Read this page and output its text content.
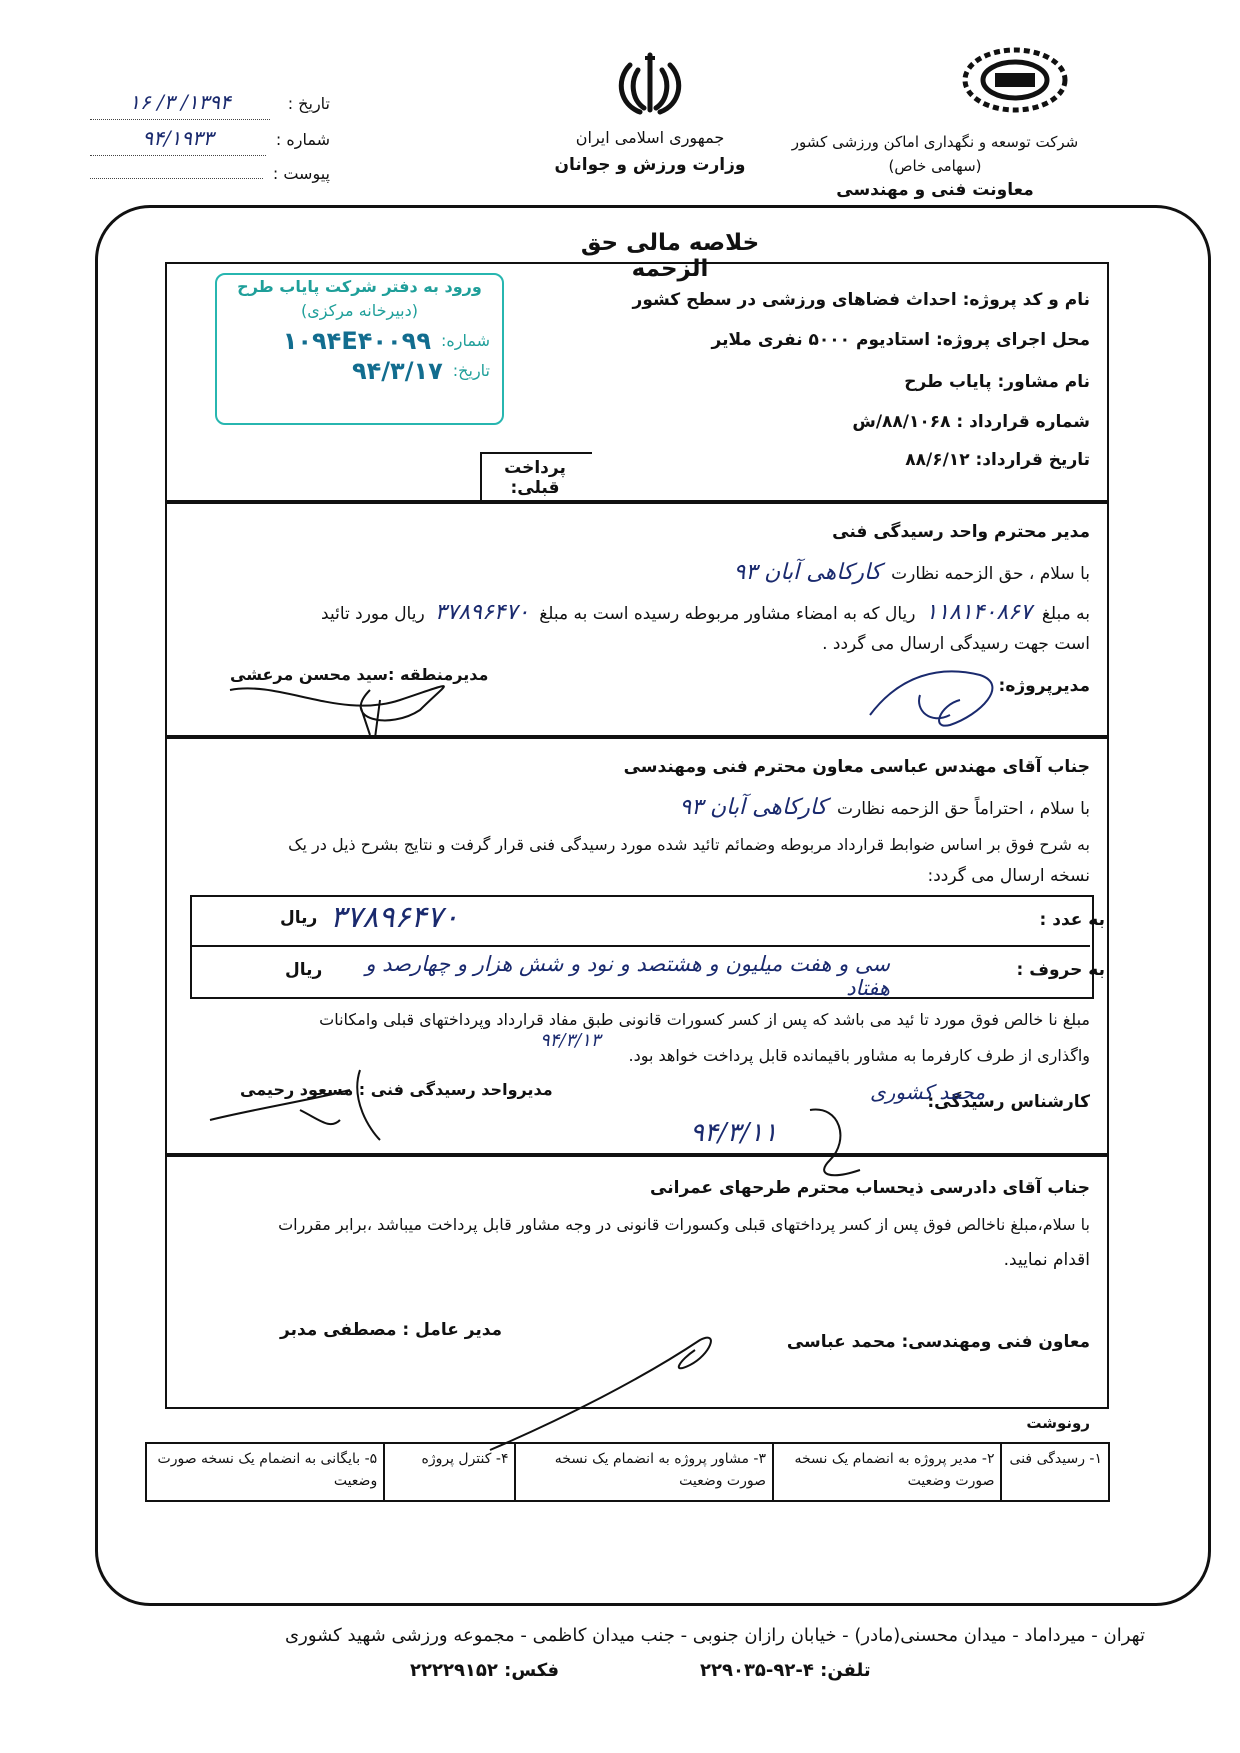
شرکت توسعه و نگهداری اماکن ورزشی کشور
(سهامی خاص)
معاونت فنی و مهندسی
جمهوری اسلامی ایران
وزارت ورزش و جوانان
تاریخ :
۱۳۹۴/ ۳/ ۱۶
شماره :
۹۴/۱۹۳۳
پیوست :
خلاصه مالی حق الزحمه
نام و کد پروژه: احداث فضاهای ورزشی در سطح کشور
محل اجرای پروژه: استادیوم ۵۰۰۰ نفری ملایر
نام مشاور: پایاب طرح
شماره قرارداد : ۸۸/۱۰۶۸/ش
تاریخ قرارداد: ۸۸/۶/۱۲
پرداخت قبلی:
ورود به دفتر شرکت پایاب طرح
(دبیرخانه مرکزی)
شماره:
۱۰۹۴E۴۰۰۹۹
تاریخ:
۹۴/۳/۱۷
مدیر محترم واحد رسیدگی فنی
با سلام ، حق الزحمه نظارت
کارکاهی آبان ۹۳
به مبلغ
۱۱۸۱۴۰۸۶۷
ریال که به امضاء مشاور مربوطه رسیده است به مبلغ
۳۷۸۹۶۴۷۰
ریال مورد تائید
است جهت رسیدگی ارسال می گردد .
مدیرمنطقه :سید محسن مرعشی
مدیرپروژه:
جناب آقای مهندس عباسی معاون محترم فنی ومهندسی
با سلام ، احتراماً حق الزحمه نظارت
کارکاهی آبان ۹۳
به شرح فوق بر اساس ضوابط قرارداد مربوطه وضمائم تائید شده مورد رسیدگی فنی قرار گرفت و نتایج بشرح ذیل در یک
نسخه ارسال می گردد:
به عدد :
۳۷۸۹۶۴۷۰
ریال
به حروف :
سی و هفت میلیون و هشتصد و نود و شش هزار و چهارصد و هفتاد
ریال
مبلغ نا خالص فوق مورد تا ئید می باشد که پس از کسر کسورات قانونی طبق مفاد قرارداد وپرداختهای قبلی وامکانات
واگذاری از طرف کارفرما به مشاور باقیمانده قابل پرداخت خواهد بود.
۹۴/۳/۱۳
مدیرواحد رسیدگی فنی : مسعود رحیمی
کارشناس رسیدگی:
محمد کشوری
۹۴/۳/۱۱
جناب آقای دادرسی ذیحساب محترم طرحهای عمرانی
با سلام،مبلغ ناخالص فوق پس از کسر پرداختهای قبلی وکسورات قانونی در وجه مشاور قابل پرداخت میباشد ،برابر مقررات
اقدام نمایید.
مدیر عامل : مصطفی مدبر
معاون فنی ومهندسی: محمد عباسی
رونوشت
۱- رسیدگی فنی	۲- مدیر پروژه به انضمام یک نسخه صورت وضعیت	۳- مشاور پروژه به انضمام یک نسخه صورت وضعیت	۴- کنترل پروژه	۵- بایگانی به انضمام یک نسخه صورت وضعیت
تهران - میرداماد - میدان محسنی(مادر) - خیابان رازان جنوبی - جنب میدان کاظمی - مجموعه ورزشی شهید کشوری
تلفن: ۴-۹۲-۲۲۹۰۳۵
فکس: ۲۲۲۲۹۱۵۲
